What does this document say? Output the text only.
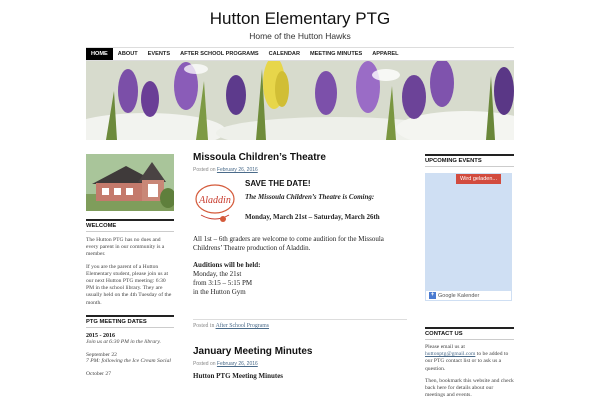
Hutton Elementary PTG
Home of the Hutton Hawks
HOME	ABOUT	EVENTS	AFTER SCHOOL PROGRAMS	CALENDAR	MEETING MINUTES	APPAREL
WELCOME

The Hutton PTG has no dues and every parent in our community is a member.

If you are the parent of a Hutton Elementary student, please join us at our next Hutton PTG meeting: 6:30 PM in the school library. They are usually held on the 4th Tuesday of the month.

PTG MEETING DATES
2015 - 2016
Join us at 6:30 PM in the library.
September 22
7 PM: following the Ice Cream Social
October 27
Missoula Children’s Theatre
Posted on February 26, 2016
Aladdin
SAVE THE DATE!
The Missoula Children’s Theatre is Coming:
Monday, March 21st – Saturday, March 26th
All 1st – 6th graders are welcome to come audition for the Missoula Childrens’ Theatre production of Aladdin.
Auditions will be held:
Monday, the 21st
from 3:15 – 5:15 PM
in the Hutton Gym
Posted in After School Programs
January Meeting Minutes
Posted on February 26, 2016
Hutton PTG Meeting Minutes
UPCOMING EVENTS
Wird geladen...
+ Google Kalender
CONTACT US

Please email us at huttonptg@gmail.com to be added to our PTG contact list or to ask us a question.

Then, bookmark this website and check back here for details about our meetings and events.
